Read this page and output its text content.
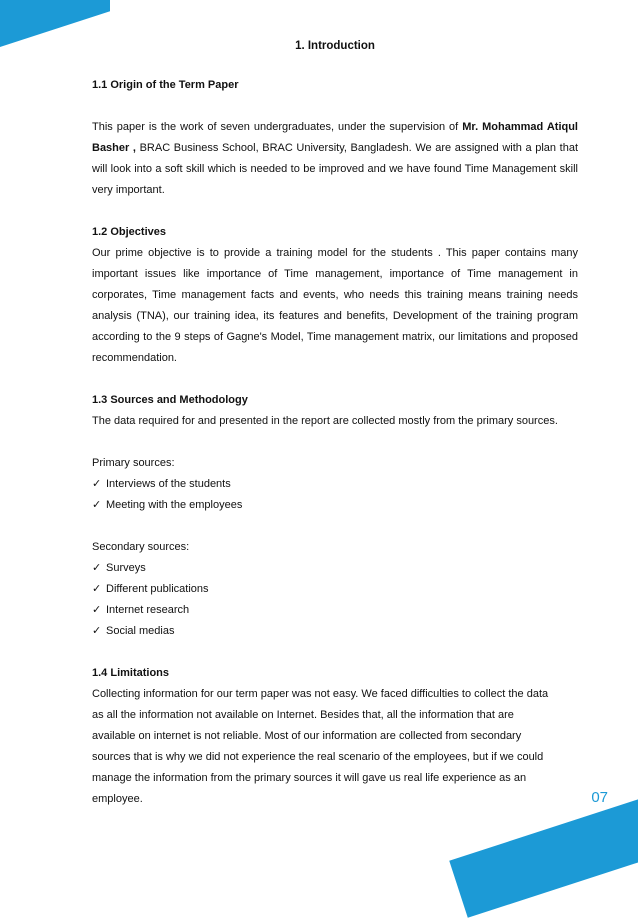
1. Introduction

1.1 Origin of the Term Paper

This paper is the work of seven undergraduates, under the supervision of Mr. Mohammad Atiqul Basher , BRAC Business School, BRAC University, Bangladesh. We are assigned with a plan that will look into a soft skill which is needed to be improved and we have found Time Management skill very important.

1.2 Objectives

Our prime objective is to provide a training model for the students . This paper contains many important issues like importance of Time management, importance of Time management in corporates, Time management facts and events, who needs this training means training needs analysis (TNA), our training idea, its features and benefits, Development of the training program according to the 9 steps of Gagne's Model, Time management matrix, our limitations and proposed recommendation.

1.3 Sources and Methodology

The data required for and presented in the report are collected mostly from the primary sources.

Primary sources:

✓ Interviews of the students
✓ Meeting with the employees

Secondary sources:

✓ Surveys
✓ Different publications
✓ Internet research
✓ Social medias

1.4 Limitations

Collecting information for our term paper was not easy. We faced difficulties to collect the data
as all the information not available on Internet. Besides that, all the information that are
available on internet is not reliable. Most of our information are collected from secondary
sources that is why we did not experience the real scenario of the employees, but if we could
manage the information from the primary sources it will gave us real life experience as an
employee.	07
